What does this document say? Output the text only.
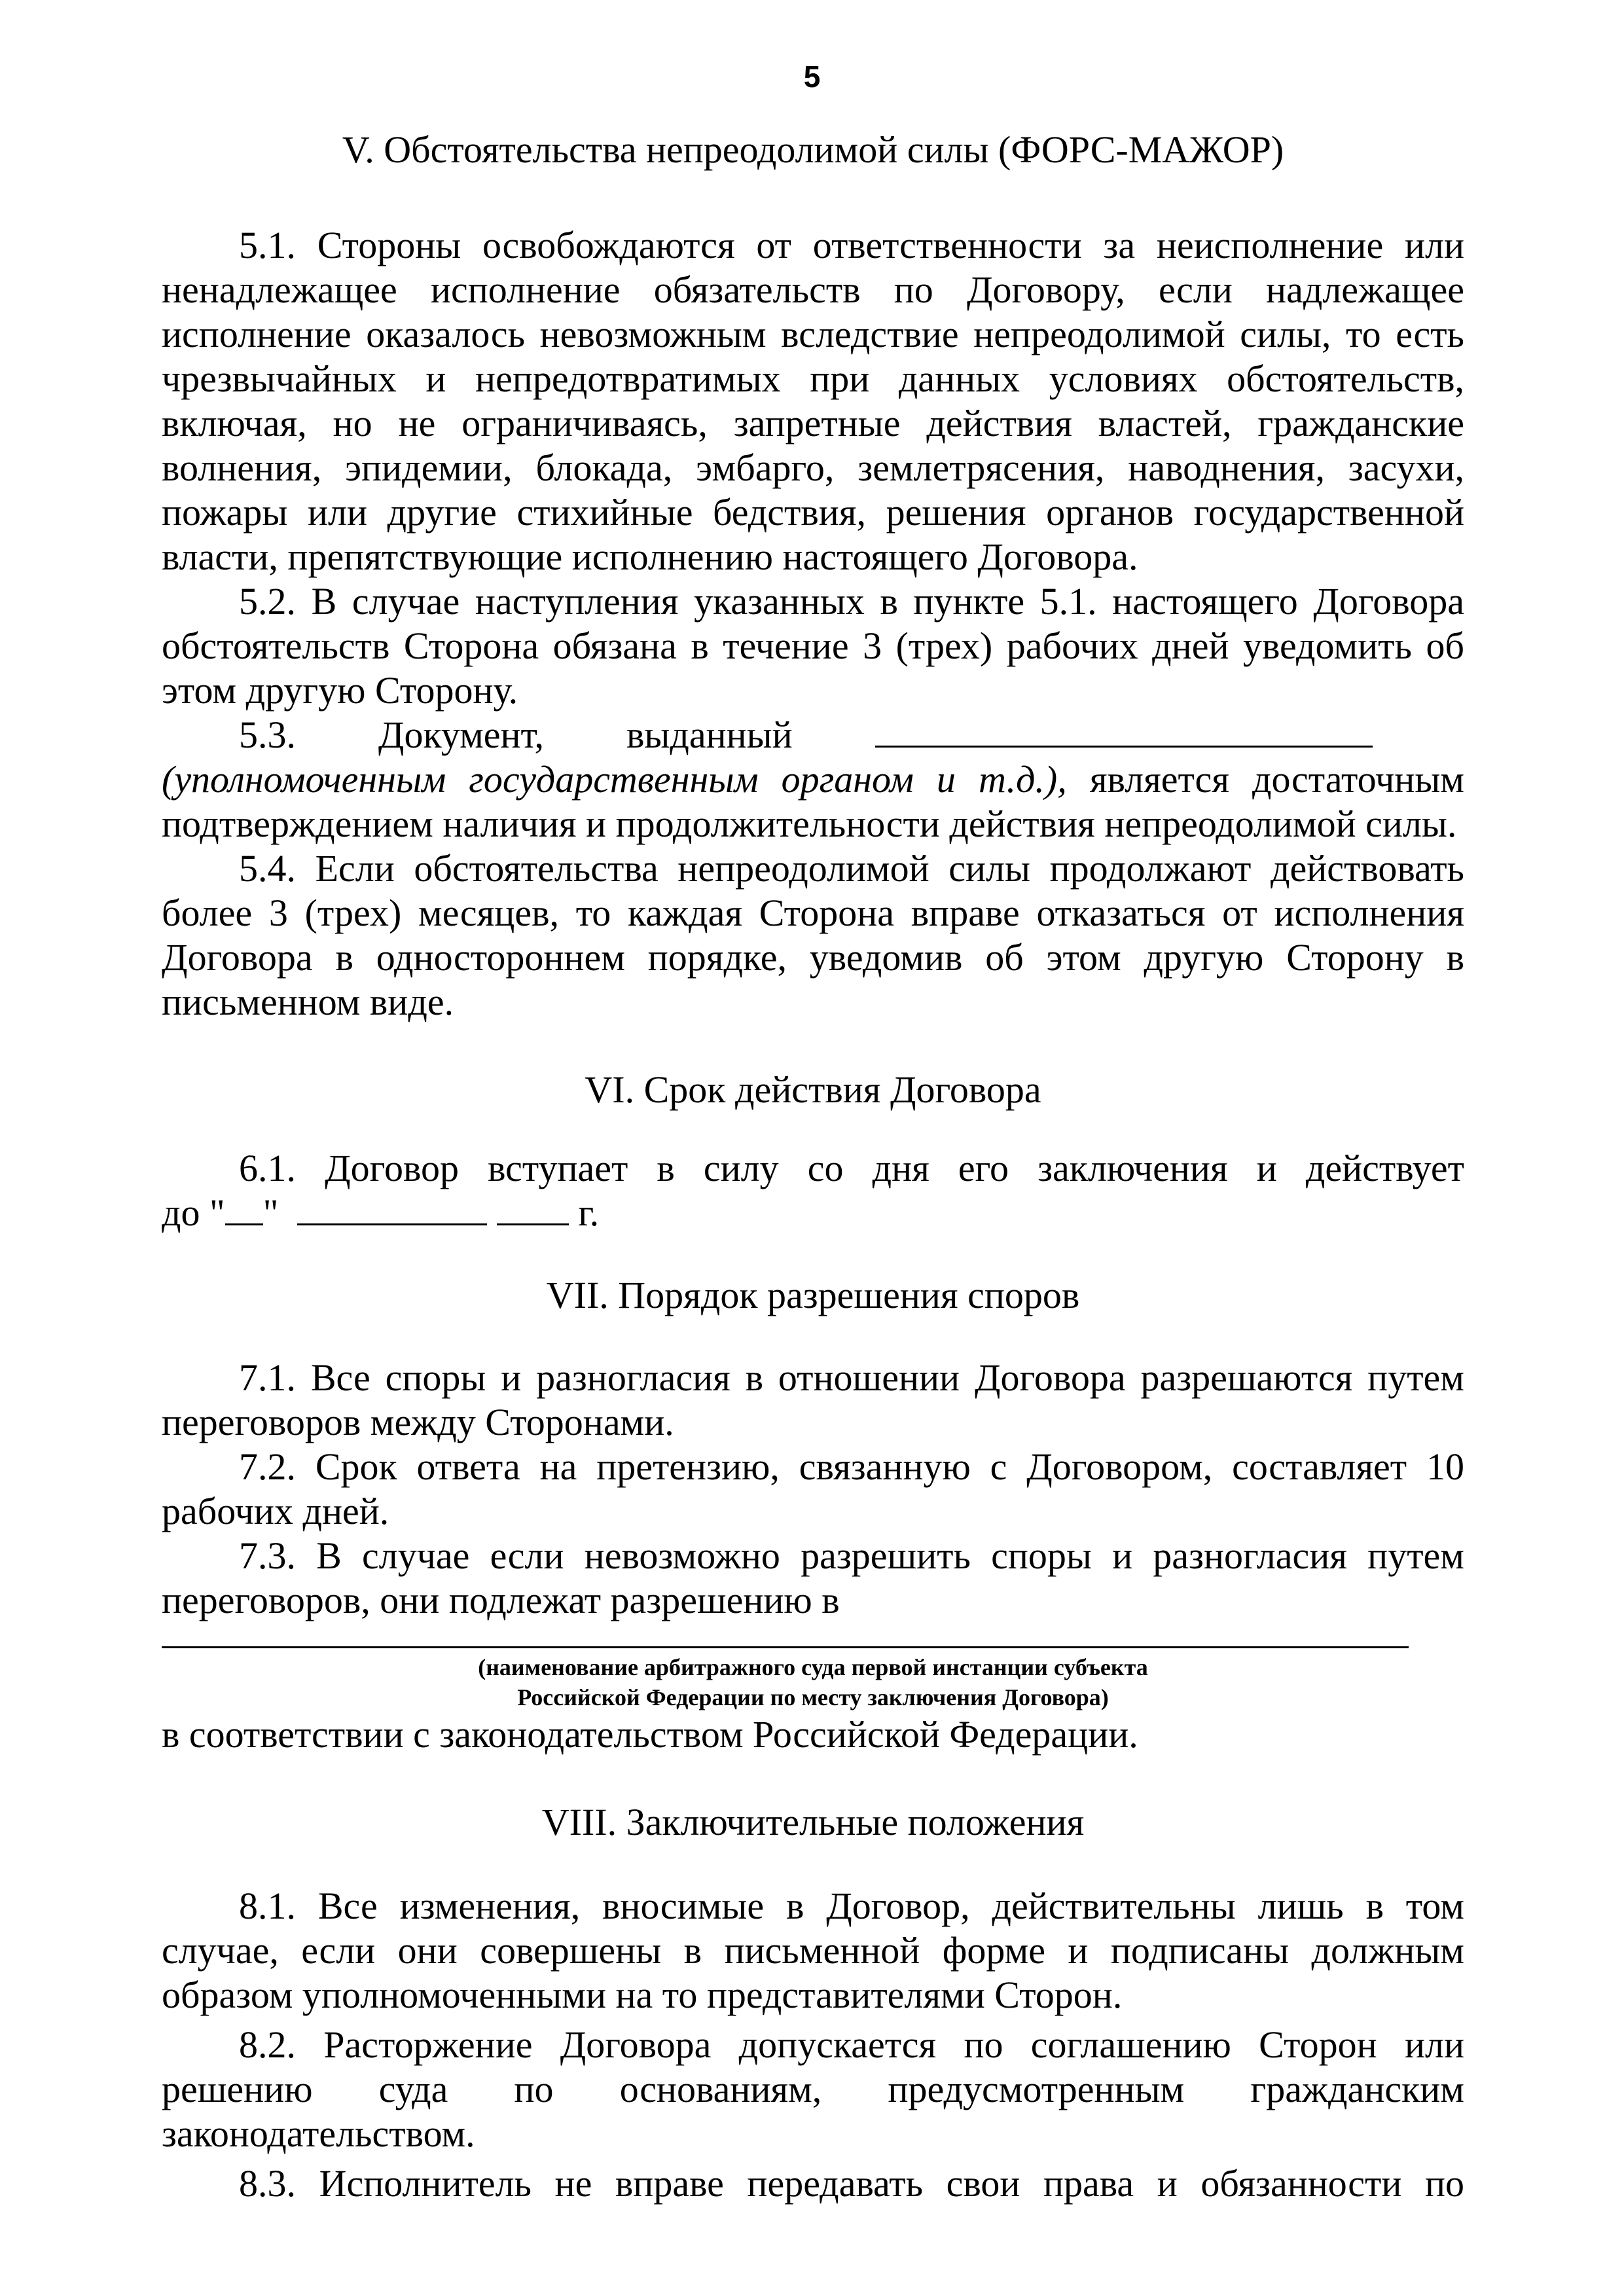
5

V. Обстоятельства непреодолимой силы (ФОРС-МАЖОР)

5.1. Стороны освобождаются от ответственности за неисполнение или ненадлежащее исполнение обязательств по Договору, если надлежащее исполнение оказалось невозможным вследствие непреодолимой силы, то есть чрезвычайных и непредотвратимых при данных условиях обстоятельств, включая, но не ограничиваясь, запретные действия властей, гражданские волнения, эпидемии, блокада, эмбарго, землетрясения, наводнения, засухи, пожары или другие стихийные бедствия, решения органов государственной власти, препятствующие исполнению настоящего Договора.

5.2. В случае наступления указанных в пункте 5.1. настоящего Договора обстоятельств Сторона обязана в течение 3 (трех) рабочих дней уведомить об этом другую Сторону.

5.3. Документ, выданный    (уполномоченным государственным органом и т.д.), является достаточным подтверждением наличия и продолжительности действия непреодолимой силы.

5.4. Если обстоятельства непреодолимой силы продолжают действовать более 3 (трех) месяцев, то каждая Сторона вправе отказаться от исполнения Договора в одностороннем порядке, уведомив об этом другую Сторону в письменном виде.

VI. Срок действия Договора

6.1. Договор вступает в силу со дня его заключения и действует

до " "	г.

VII. Порядок разрешения споров

7.1. Все споры и разногласия в отношении Договора разрешаются путем переговоров между Сторонами.

7.2. Срок ответа на претензию, связанную с Договором, составляет 10 рабочих дней.

7.3. В случае если невозможно разрешить споры и разногласия путем переговоров, они подлежат разрешению в

(наименование арбитражного суда первой инстанции субъекта

Российской Федерации по месту заключения Договора)

в соответствии с законодательством Российской Федерации.

VIII. Заключительные положения

8.1. Все изменения, вносимые в Договор, действительны лишь в том случае, если они совершены в письменной форме и подписаны должным образом уполномоченными на то представителями Сторон.

8.2. Расторжение Договора допускается по соглашению Сторон или решению суда по основаниям, предусмотренным гражданским законодательством.

8.3. Исполнитель не вправе передавать свои права и обязанности по
